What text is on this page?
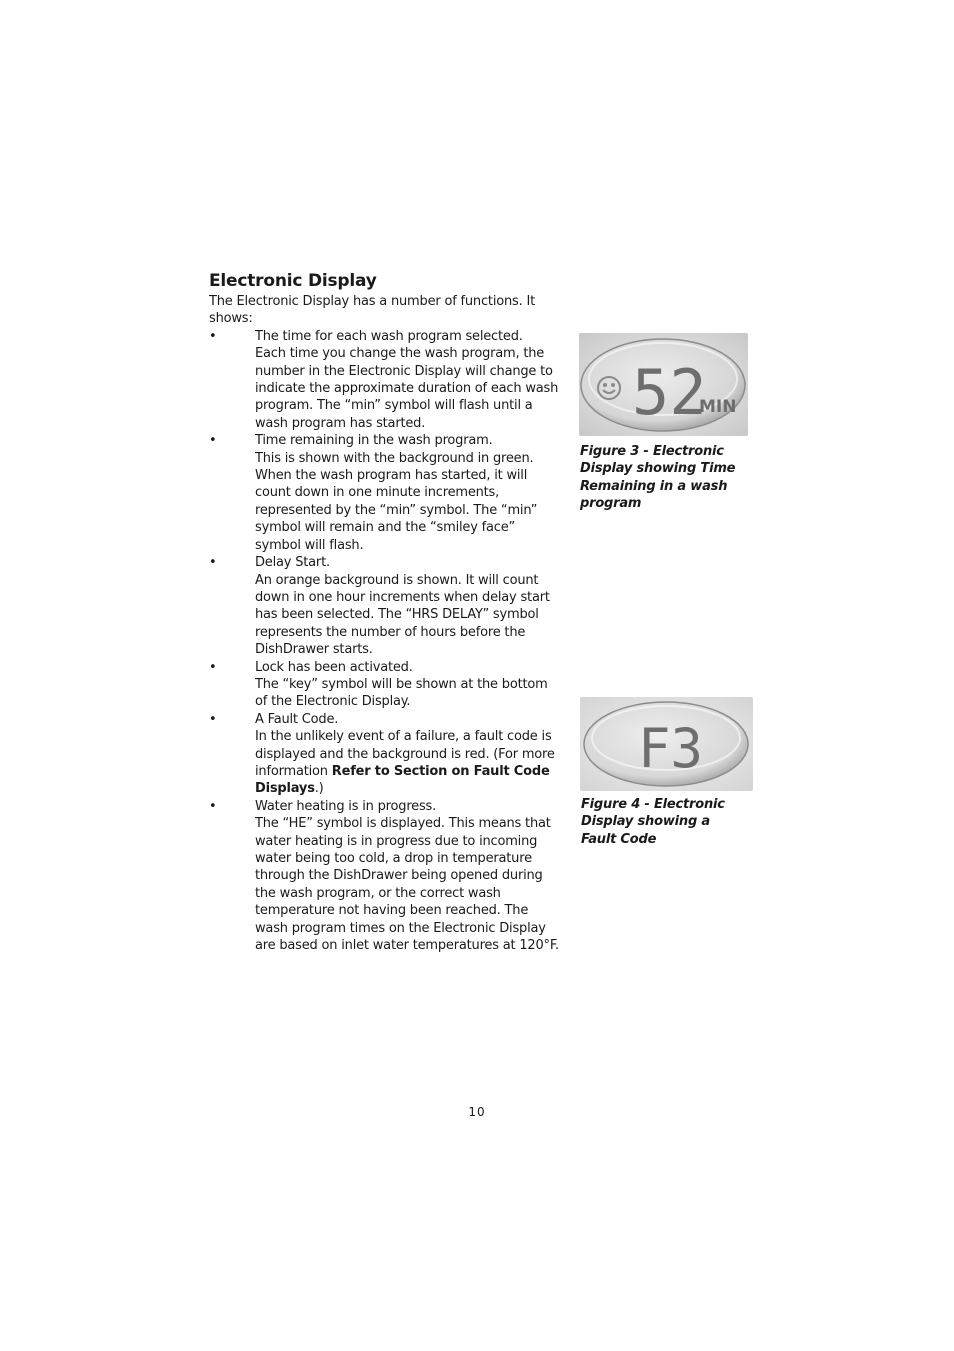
Electronic Display

The Electronic Display has a number of functions. It shows:

•	The time for each wash program selected.
Each time you change the wash program, the number in the Electronic Display will change to indicate the approximate duration of each wash program. The “min” symbol will flash until a wash program has started.
•	Time remaining in the wash program.
This is shown with the background in green. When the wash program has started, it will count down in one minute increments, represented by the “min” symbol. The “min” symbol will remain and the “smiley face” symbol will flash.
•	Delay Start.
An orange background is shown. It will count down in one hour increments when delay start has been selected. The “HRS DELAY” symbol represents the number of hours before the DishDrawer starts.
•	Lock has been activated.
The “key” symbol will be shown at the bottom of the Electronic Display.
•	A Fault Code.
In the unlikely event of a failure, a fault code is displayed and the background is red. (For more information Refer to Section on Fault Code Displays.)
•	Water heating is in progress.
The “HE” symbol is displayed. This means that water heating is in progress due to incoming water being too cold, a drop in temperature through the DishDrawer being opened during the wash program, or the correct wash temperature not having been reached. The wash program times on the Electronic Display are based on inlet water temperatures at 120°F.
52
MIN
Figure 3 - Electronic Display showing Time Remaining in a wash program
F3
Figure 4 - Electronic Display showing a Fault Code
10
